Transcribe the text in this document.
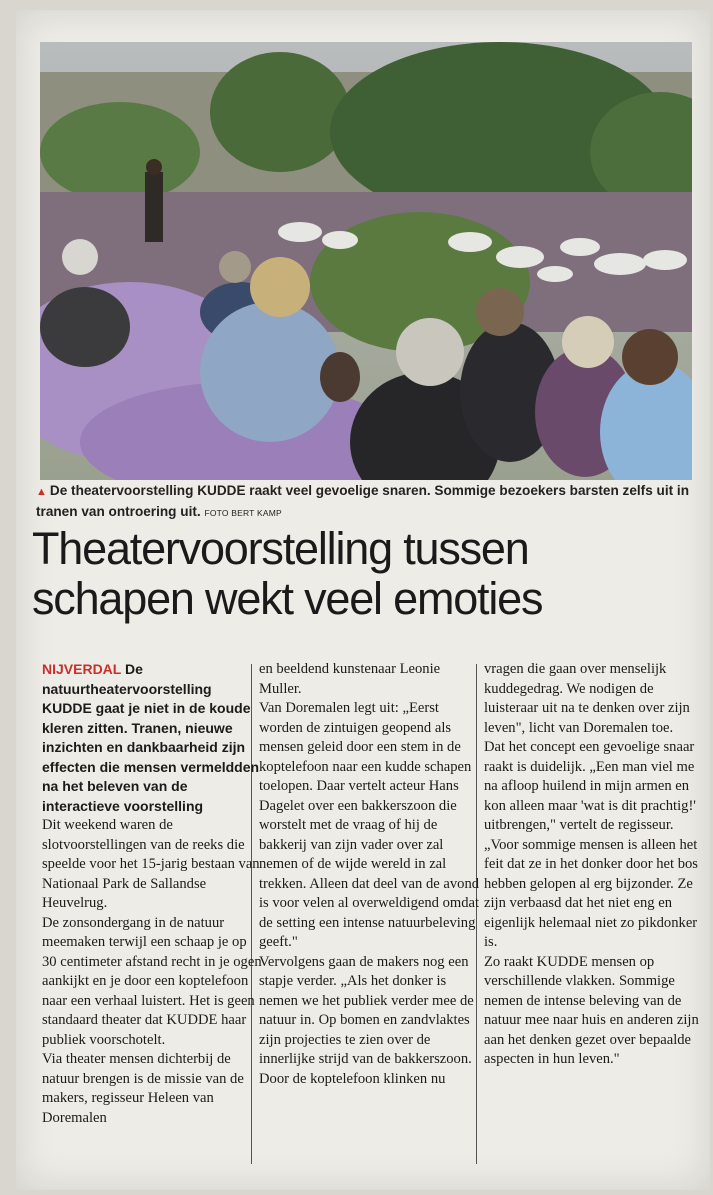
▲ De theatervoorstelling KUDDE raakt veel gevoelige snaren. Sommige bezoekers barsten zelfs uit in tranen van ontroering uit. FOTO BERT KAMP
Theatervoorstelling tussen
schapen wekt veel emoties

NIJVERDAL De natuurtheatervoorstelling KUDDE gaat je niet in de koude kleren zitten. Tranen, nieuwe inzichten en dankbaarheid zijn effecten die mensen vermeldden na het beleven van de interactieve voorstelling

Dit weekend waren de slotvoorstellingen van de reeks die speelde voor het 15-jarig bestaan van Nationaal Park de Sallandse Heuvelrug.

De zonsondergang in de natuur meemaken terwijl een schaap je op 30 centimeter afstand recht in je ogen aankijkt en je door een koptelefoon naar een verhaal luistert. Het is geen standaard theater dat KUDDE haar publiek voorschotelt.

Via theater mensen dichterbij de natuur brengen is de missie van de makers, regisseur Heleen van Doremalen

en beeldend kunstenaar Leonie Muller.

Van Doremalen legt uit: „Eerst worden de zintuigen geopend als mensen geleid door een stem in de koptelefoon naar een kudde schapen toelopen. Daar vertelt acteur Hans Dagelet over een bakkerszoon die worstelt met de vraag of hij de bakkerij van zijn vader over zal nemen of de wijde wereld in zal trekken. Alleen dat deel van de avond is voor velen al overweldigend omdat de setting een intense natuurbeleving geeft."

Vervolgens gaan de makers nog een stapje verder. „Als het donker is nemen we het publiek verder mee de natuur in. Op bomen en zandvlaktes zijn projecties te zien over de innerlijke strijd van de bakkerszoon. Door de koptelefoon klinken nu

vragen die gaan over menselijk kuddegedrag. We nodigen de luisteraar uit na te denken over zijn leven", licht van Doremalen toe.

Dat het concept een gevoelige snaar raakt is duidelijk. „Een man viel me na afloop huilend in mijn armen en kon alleen maar 'wat is dit prachtig!' uitbrengen," vertelt de regisseur. „Voor sommige mensen is alleen het feit dat ze in het donker door het bos hebben gelopen al erg bijzonder. Ze zijn verbaasd dat het niet eng en eigenlijk helemaal niet zo pikdonker is.

Zo raakt KUDDE mensen op verschillende vlakken. Sommige nemen de intense beleving van de natuur mee naar huis en anderen zijn aan het denken gezet over bepaalde aspecten in hun leven."
